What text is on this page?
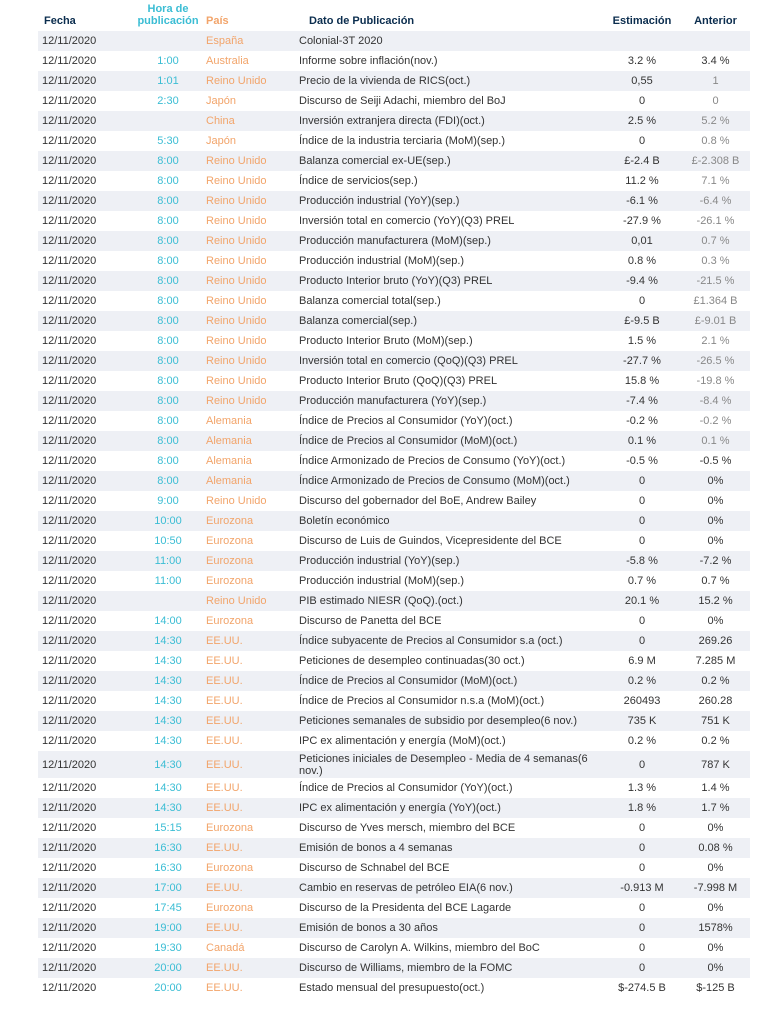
Fecha	Hora de
publicación	País	Dato de Publicación	Estimación	Anterior
12/11/2020		España	Colonial-3T 2020		
12/11/2020	1:00	Australia	Informe sobre inflación(nov.)	3.2 %	3.4 %
12/11/2020	1:01	Reino Unido	Precio de la vivienda de RICS(oct.)	0,55	1
12/11/2020	2:30	Japón	Discurso de Seiji Adachi, miembro del BoJ	0	0
12/11/2020		China	Inversión extranjera directa (FDI)(oct.)	2.5 %	5.2 %
12/11/2020	5:30	Japón	Índice de la industria terciaria (MoM)(sep.)	0	0.8 %
12/11/2020	8:00	Reino Unido	Balanza comercial ex-UE(sep.)	£-2.4 B	£-2.308 B
12/11/2020	8:00	Reino Unido	Índice de servicios(sep.)	11.2 %	7.1 %
12/11/2020	8:00	Reino Unido	Producción industrial (YoY)(sep.)	-6.1 %	-6.4 %
12/11/2020	8:00	Reino Unido	Inversión total en comercio (YoY)(Q3) PREL	-27.9 %	-26.1 %
12/11/2020	8:00	Reino Unido	Producción manufacturera (MoM)(sep.)	0,01	0.7 %
12/11/2020	8:00	Reino Unido	Producción industrial (MoM)(sep.)	0.8 %	0.3 %
12/11/2020	8:00	Reino Unido	Producto Interior bruto (YoY)(Q3) PREL	-9.4 %	-21.5 %
12/11/2020	8:00	Reino Unido	Balanza comercial total(sep.)	0	£1.364 B
12/11/2020	8:00	Reino Unido	Balanza comercial(sep.)	£-9.5 B	£-9.01 B
12/11/2020	8:00	Reino Unido	Producto Interior Bruto (MoM)(sep.)	1.5 %	2.1 %
12/11/2020	8:00	Reino Unido	Inversión total en comercio (QoQ)(Q3) PREL	-27.7 %	-26.5 %
12/11/2020	8:00	Reino Unido	Producto Interior Bruto (QoQ)(Q3) PREL	15.8 %	-19.8 %
12/11/2020	8:00	Reino Unido	Producción manufacturera (YoY)(sep.)	-7.4 %	-8.4 %
12/11/2020	8:00	Alemania	Índice de Precios al Consumidor (YoY)(oct.)	-0.2 %	-0.2 %
12/11/2020	8:00	Alemania	Índice de Precios al Consumidor (MoM)(oct.)	0.1 %	0.1 %
12/11/2020	8:00	Alemania	Índice Armonizado de Precios de Consumo (YoY)(oct.)	-0.5 %	-0.5 %
12/11/2020	8:00	Alemania	Índice Armonizado de Precios de Consumo (MoM)(oct.)	0	0%
12/11/2020	9:00	Reino Unido	Discurso del gobernador del BoE, Andrew Bailey	0	0%
12/11/2020	10:00	Eurozona	Boletín económico	0	0%
12/11/2020	10:50	Eurozona	Discurso de Luis de Guindos, Vicepresidente del BCE	0	0%
12/11/2020	11:00	Eurozona	Producción industrial (YoY)(sep.)	-5.8 %	-7.2 %
12/11/2020	11:00	Eurozona	Producción industrial (MoM)(sep.)	0.7 %	0.7 %
12/11/2020		Reino Unido	PIB estimado NIESR (QoQ).(oct.)	20.1 %	15.2 %
12/11/2020	14:00	Eurozona	Discurso de Panetta del BCE	0	0%
12/11/2020	14:30	EE.UU.	Índice subyacente de Precios al Consumidor s.a (oct.)	0	269.26
12/11/2020	14:30	EE.UU.	Peticiones de desempleo continuadas(30 oct.)	6.9 M	7.285 M
12/11/2020	14:30	EE.UU.	Índice de Precios al Consumidor (MoM)(oct.)	0.2 %	0.2 %
12/11/2020	14:30	EE.UU.	Índice de Precios al Consumidor n.s.a (MoM)(oct.)	260493	260.28
12/11/2020	14:30	EE.UU.	Peticiones semanales de subsidio por desempleo(6 nov.)	735 K	751 K
12/11/2020	14:30	EE.UU.	IPC ex alimentación y energía (MoM)(oct.)	0.2 %	0.2 %
12/11/2020	14:30	EE.UU.	Peticiones iniciales de Desempleo - Media de 4 semanas(6 nov.)	0	787 K
12/11/2020	14:30	EE.UU.	Índice de Precios al Consumidor (YoY)(oct.)	1.3 %	1.4 %
12/11/2020	14:30	EE.UU.	IPC ex alimentación y energía (YoY)(oct.)	1.8 %	1.7 %
12/11/2020	15:15	Eurozona	Discurso de Yves mersch, miembro del BCE	0	0%
12/11/2020	16:30	EE.UU.	Emisión de bonos a 4 semanas	0	0.08 %
12/11/2020	16:30	Eurozona	Discurso de Schnabel del BCE	0	0%
12/11/2020	17:00	EE.UU.	Cambio en reservas de petróleo EIA(6 nov.)	-0.913 M	-7.998 M
12/11/2020	17:45	Eurozona	Discurso de la Presidenta del BCE Lagarde	0	0%
12/11/2020	19:00	EE.UU.	Emisión de bonos a 30 años	0	1578%
12/11/2020	19:30	Canadá	Discurso de Carolyn A. Wilkins, miembro del BoC	0	0%
12/11/2020	20:00	EE.UU.	Discurso de Williams, miembro de la FOMC	0	0%
12/11/2020	20:00	EE.UU.	Estado mensual del presupuesto(oct.)	$-274.5 B	$-125 B
